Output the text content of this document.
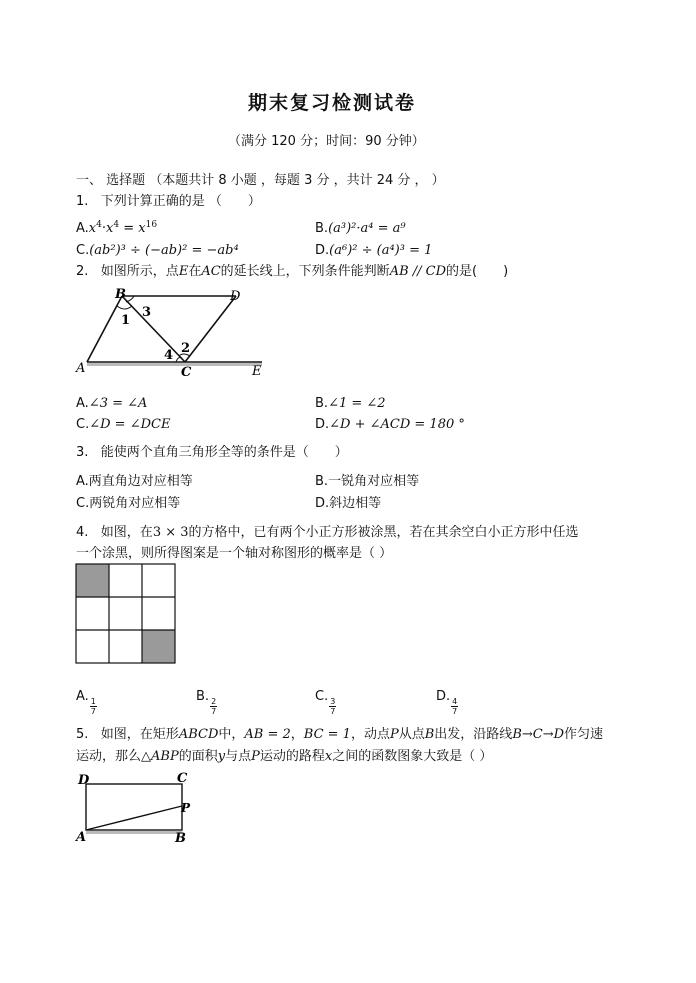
期末复习检测试卷
（满分 120 分；时间：90 分钟）
一、 选择题 （本题共计 8 小题 ，每题 3 分 ，共计 24 分 ， ）
1.   下列计算正确的是 （　　）
$A.x^4\cdot x^4 = x^{16}$	B.(a³)²·a⁴ = a⁹
C.(ab²)³ ÷ (−ab)² = −ab⁴	D.(a⁶)² ÷ (a⁴)³ = 1
2.   如图所示，点E在AC的延长线上，下列条件能判断AB // CD的是(　　)
B	D
A	C	E
1
3
2
4
A.∠3 = ∠A	B.∠1 = ∠2
C.∠D = ∠DCE	D.∠D + ∠ACD = 180 °
3.   能使两个直角三角形全等的条件是（　　）
A.两直角边对应相等	B.一锐角对应相等
C.两锐角对应相等	D.斜边相等
4.   如图，在3 × 3的方格中，已有两个小正方形被涂黑，若在其余空白小正方形中任选
一个涂黑，则所得图案是一个轴对称图形的概率是（ ）
A.
$\frac{1}{7}$
B.
$\frac{2}{7}$
C.
$\frac{3}{7}$
D.
$\frac{4}{7}$
5.   如图，在矩形ABCD中，AB = 2，BC = 1，动点P从点B出发，沿路线B→C→D作匀速
运动，那么△ABP的面积y与点P运动的路程x之间的函数图象大致是（ ）
D	C
P
A	B
